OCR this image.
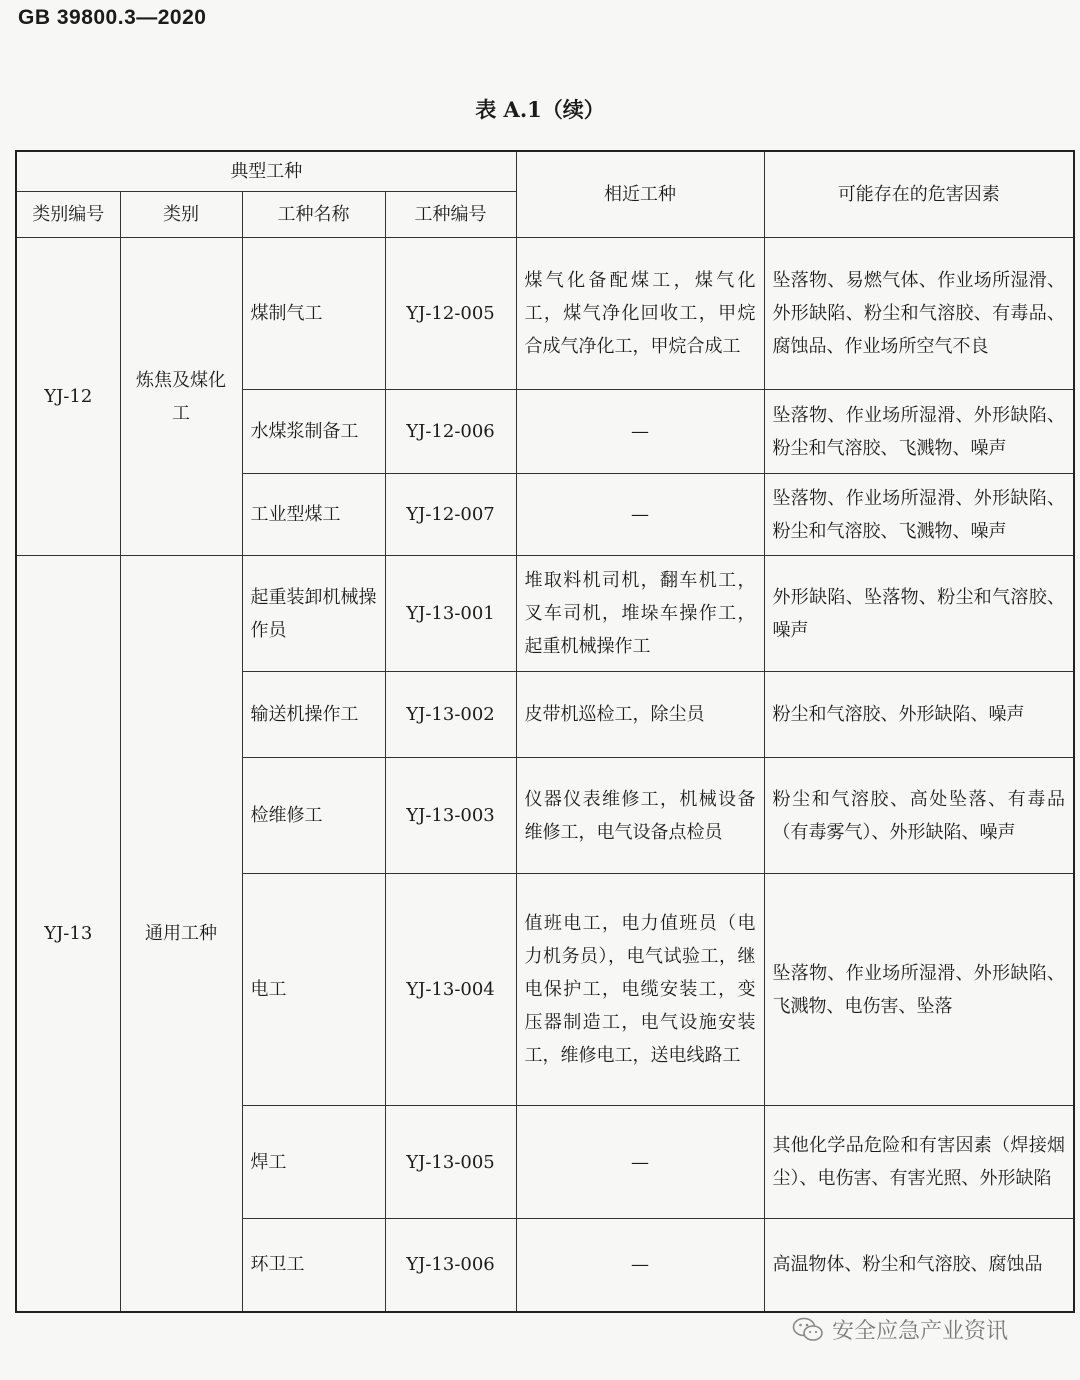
GB 39800.3—2020
表 A.1（续）
典型工种				相近工种	可能存在的危害因素
类别编号	类别	工种名称	工种编号		
YJ-12	炼焦及煤化工	煤制气工	YJ-12-005	煤气化备配煤工，煤气化工，煤气净化回收工，甲烷合成气净化工，甲烷合成工	坠落物、易燃气体、作业场所湿滑、外形缺陷、粉尘和气溶胶、有毒品、腐蚀品、作业场所空气不良
		水煤浆制备工	YJ-12-006	—	坠落物、作业场所湿滑、外形缺陷、粉尘和气溶胶、飞溅物、噪声
		工业型煤工	YJ-12-007	—	坠落物、作业场所湿滑、外形缺陷、粉尘和气溶胶、飞溅物、噪声
YJ-13	通用工种	起重装卸机械操作员	YJ-13-001	堆取料机司机，翻车机工，叉车司机，堆垛车操作工，起重机械操作工	外形缺陷、坠落物、粉尘和气溶胶、噪声
		输送机操作工	YJ-13-002	皮带机巡检工，除尘员	粉尘和气溶胶、外形缺陷、噪声
		检维修工	YJ-13-003	仪器仪表维修工，机械设备维修工，电气设备点检员	粉尘和气溶胶、高处坠落、有毒品（有毒雾气）、外形缺陷、噪声
		电工	YJ-13-004	值班电工，电力值班员（电力机务员），电气试验工，继电保护工，电缆安装工，变压器制造工，电气设施安装工，维修电工，送电线路工	坠落物、作业场所湿滑、外形缺陷、飞溅物、电伤害、坠落
		焊工	YJ-13-005	—	其他化学品危险和有害因素（焊接烟尘）、电伤害、有害光照、外形缺陷
		环卫工	YJ-13-006	—	高温物体、粉尘和气溶胶、腐蚀品
安全应急产业资讯
